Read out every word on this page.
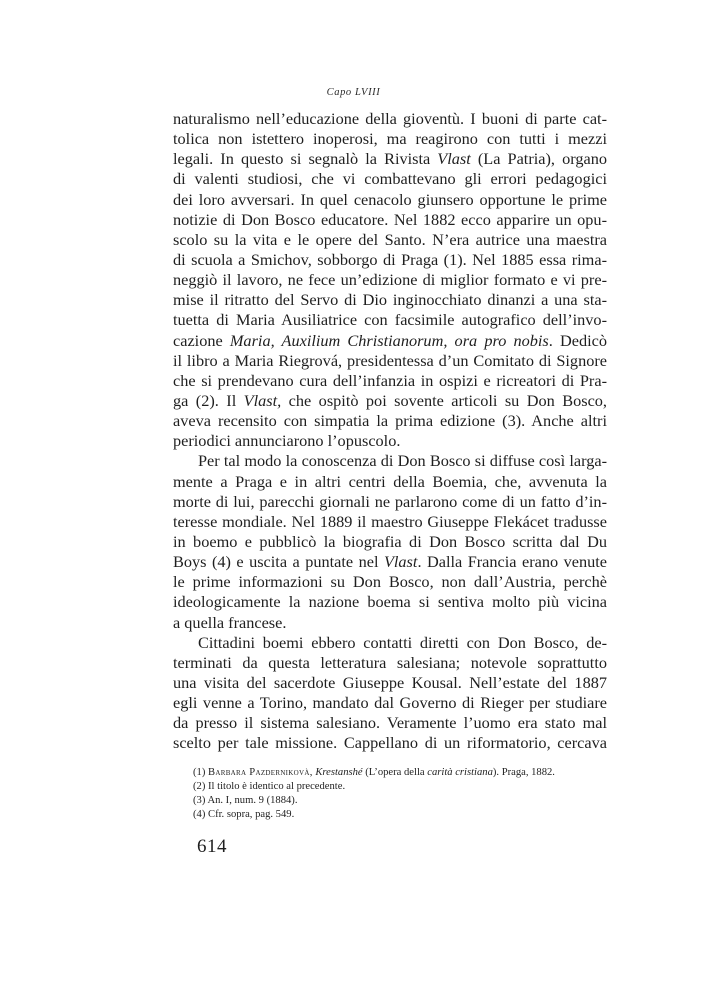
Capo LVIII
naturalismo nell’educazione della gioventù. I buoni di parte cat-
tolica non istettero inoperosi, ma reagirono con tutti i mezzi
legali. In questo si segnalò la Rivista Vlast (La Patria), organo
di valenti studiosi, che vi combattevano gli errori pedagogici
dei loro avversari. In quel cenacolo giunsero opportune le prime
notizie di Don Bosco educatore. Nel 1882 ecco apparire un opu-
scolo su la vita e le opere del Santo. N’era autrice una maestra
di scuola a Smichov, sobborgo di Praga (1). Nel 1885 essa rima-
neggiò il lavoro, ne fece un’edizione di miglior formato e vi pre-
mise il ritratto del Servo di Dio inginocchiato dinanzi a una sta-
tuetta di Maria Ausiliatrice con facsimile autografico dell’invo-
cazione Maria, Auxilium Christianorum, ora pro nobis. Dedicò
il libro a Maria Riegrová, presidentessa d’un Comitato di Signore
che si prendevano cura dell’infanzia in ospizi e ricreatori di Pra-
ga (2). Il Vlast, che ospitò poi sovente articoli su Don Bosco,
aveva recensito con simpatia la prima edizione (3). Anche altri
periodici annunciarono l’opuscolo.
Per tal modo la conoscenza di Don Bosco si diffuse così larga-
mente a Praga e in altri centri della Boemia, che, avvenuta la
morte di lui, parecchi giornali ne parlarono come di un fatto d’in-
teresse mondiale. Nel 1889 il maestro Giuseppe Flekácet tradusse
in boemo e pubblicò la biografia di Don Bosco scritta dal Du
Boys (4) e uscita a puntate nel Vlast. Dalla Francia erano venute
le prime informazioni su Don Bosco, non dall’Austria, perchè
ideologicamente la nazione boema si sentiva molto più vicina
a quella francese.
Cittadini boemi ebbero contatti diretti con Don Bosco, de-
terminati da questa letteratura salesiana; notevole soprattutto
una visita del sacerdote Giuseppe Kousal. Nell’estate del 1887
egli venne a Torino, mandato dal Governo di Rieger per studiare
da presso il sistema salesiano. Veramente l’uomo era stato mal
scelto per tale missione. Cappellano di un riformatorio, cercava
(1) Barbara Pazdernikovà, Krestanshé (L’opera della carità cristiana). Praga, 1882.
(2) Il titolo è identico al precedente.
(3) An. I, num. 9 (1884).
(4) Cfr. sopra, pag. 549.
614
